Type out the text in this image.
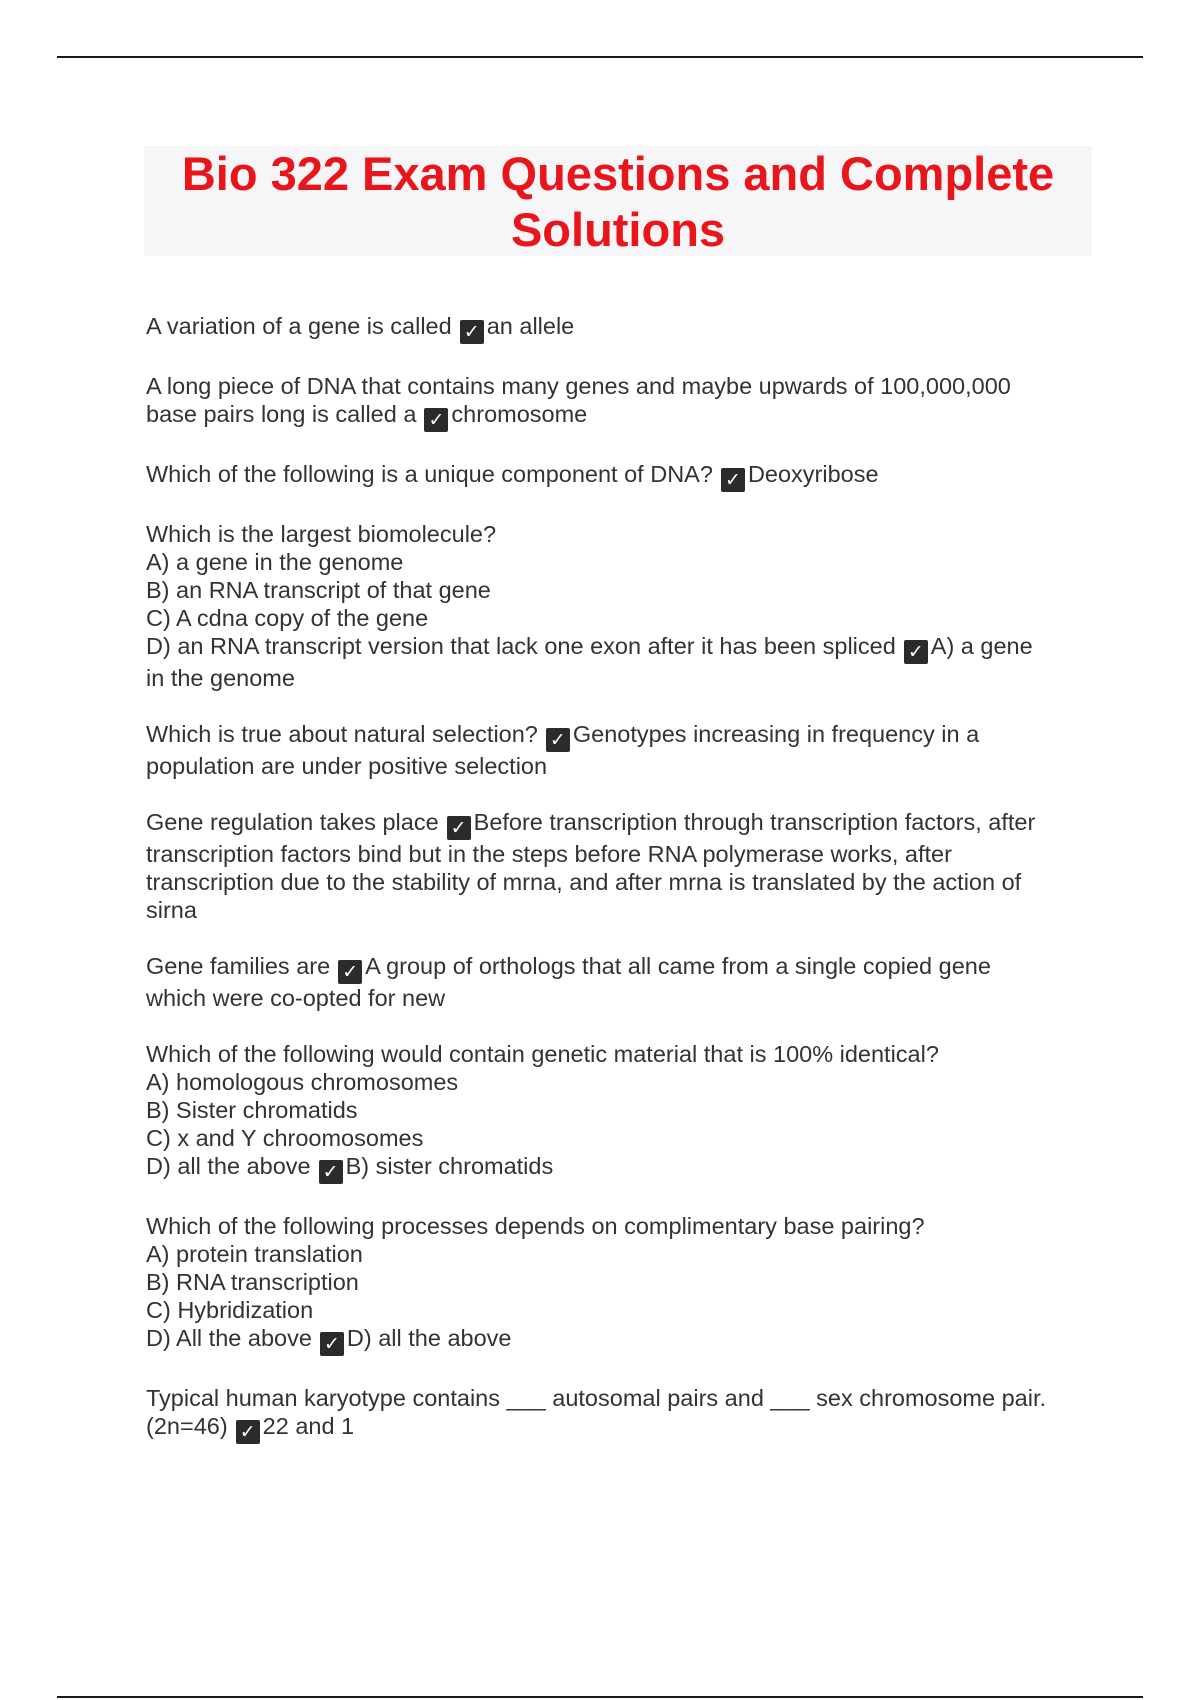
Bio 322 Exam Questions and Complete
Solutions
A variation of a gene is called ✓ an allele
A long piece of DNA that contains many genes and maybe upwards of 100,000,000
base pairs long is called a ✓ chromosome
Which of the following is a unique component of DNA? ✓ Deoxyribose
Which is the largest biomolecule?
A) a gene in the genome
B) an RNA transcript of that gene
C) A cdna copy of the gene
D) an RNA transcript version that lack one exon after it has been spliced ✓ A) a gene
in the genome
Which is true about natural selection? ✓ Genotypes increasing in frequency in a
population are under positive selection
Gene regulation takes place ✓ Before transcription through transcription factors, after
transcription factors bind but in the steps before RNA polymerase works, after
transcription due to the stability of mrna, and after mrna is translated by the action of
sirna
Gene families are ✓ A group of orthologs that all came from a single copied gene
which were co-opted for new
Which of the following would contain genetic material that is 100% identical?
A) homologous chromosomes
B) Sister chromatids
C) x and Y chroomosomes
D) all the above ✓ B) sister chromatids
Which of the following processes depends on complimentary base pairing?
A) protein translation
B) RNA transcription
C) Hybridization
D) All the above ✓ D) all the above
Typical human karyotype contains ___ autosomal pairs and ___ sex chromosome pair.
(2n=46) ✓ 22 and 1
